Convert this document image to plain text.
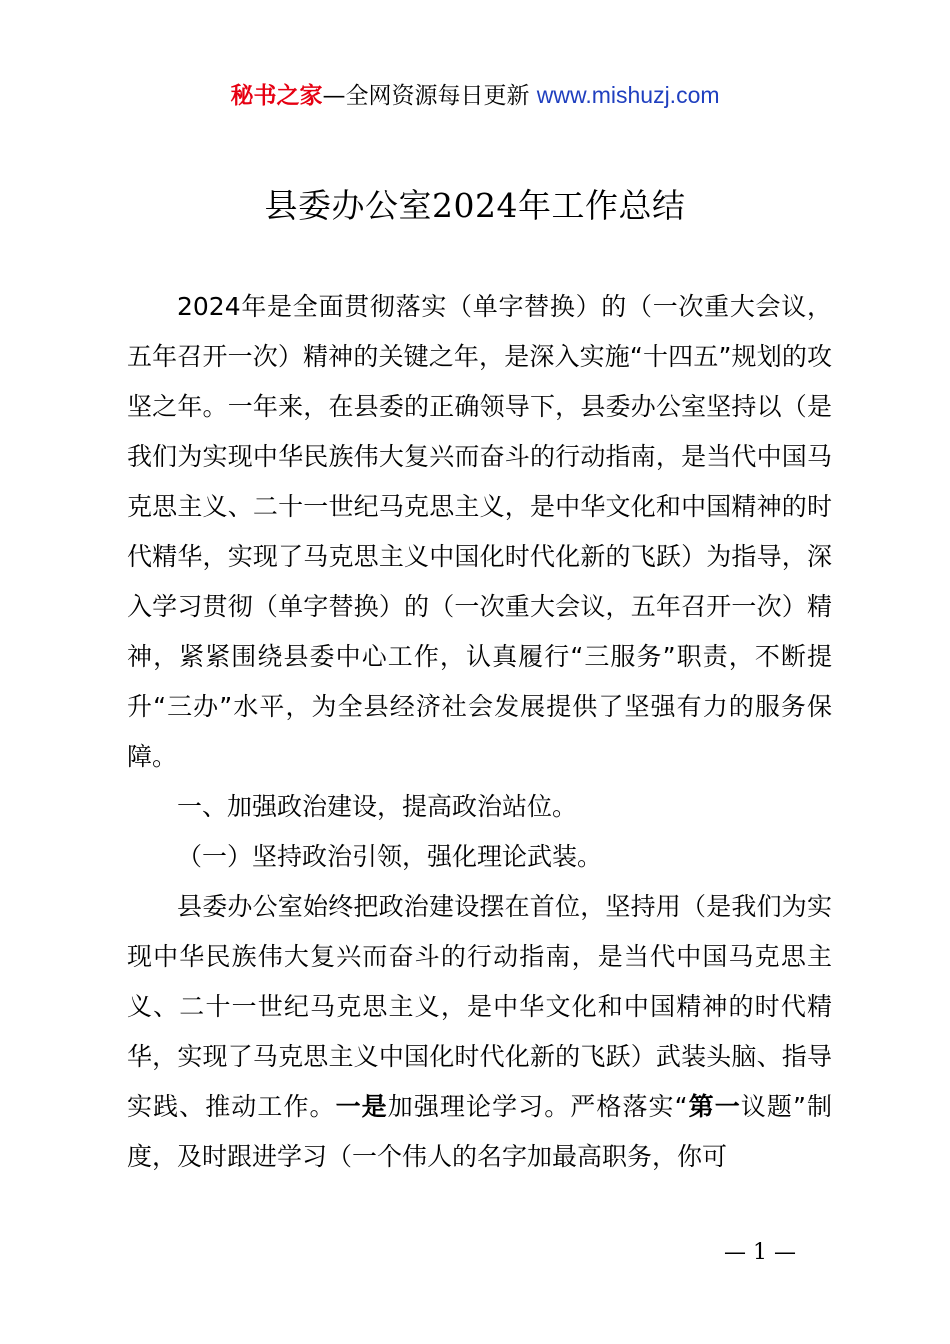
秘书之家—全网资源每日更新 www.mishuzj.com
县委办公室2024年工作总结

2024年是全面贯彻落实（单字替换）的（一次重大会议，五年召开一次）精神的关键之年，是深入实施“十四五”规划的攻坚之年。一年来，在县委的正确领导下，县委办公室坚持以（是我们为实现中华民族伟大复兴而奋斗的行动指南，是当代中国马克思主义、二十一世纪马克思主义，是中华文化和中国精神的时代精华，实现了马克思主义中国化时代化新的飞跃）为指导，深入学习贯彻（单字替换）的（一次重大会议，五年召开一次）精神，紧紧围绕县委中心工作，认真履行“三服务”职责，不断提升“三办”水平，为全县经济社会发展提供了坚强有力的服务保障。

一、加强政治建设，提高政治站位。

（一）坚持政治引领，强化理论武装。

县委办公室始终把政治建设摆在首位，坚持用（是我们为实现中华民族伟大复兴而奋斗的行动指南，是当代中国马克思主义、二十一世纪马克思主义，是中华文化和中国精神的时代精华，实现了马克思主义中国化时代化新的飞跃）武装头脑、指导实践、推动工作。一是加强理论学习。严格落实“第一议题”制度，及时跟进学习（一个伟人的名字加最高职务，你可

— 1 —
